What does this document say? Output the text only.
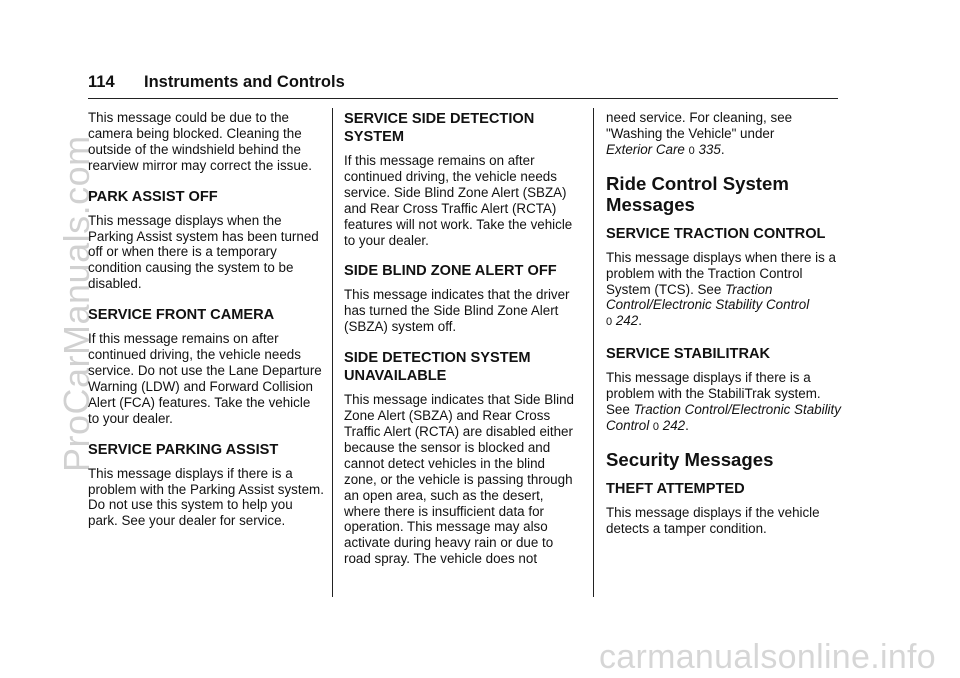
114 Instruments and Controls

This message could be due to the camera being blocked. Cleaning the outside of the windshield behind the rearview mirror may correct the issue.

PARK ASSIST OFF

This message displays when the Parking Assist system has been turned off or when there is a temporary condition causing the system to be disabled.

SERVICE FRONT CAMERA

If this message remains on after continued driving, the vehicle needs service. Do not use the Lane Departure Warning (LDW) and Forward Collision Alert (FCA) features. Take the vehicle to your dealer.

SERVICE PARKING ASSIST

This message displays if there is a problem with the Parking Assist system. Do not use this system to help you park. See your dealer for service.

SERVICE SIDE DETECTION SYSTEM

If this message remains on after continued driving, the vehicle needs service. Side Blind Zone Alert (SBZA) and Rear Cross Traffic Alert (RCTA) features will not work. Take the vehicle to your dealer.

SIDE BLIND ZONE ALERT OFF

This message indicates that the driver has turned the Side Blind Zone Alert (SBZA) system off.

SIDE DETECTION SYSTEM UNAVAILABLE

This message indicates that Side Blind Zone Alert (SBZA) and Rear Cross Traffic Alert (RCTA) are disabled either because the sensor is blocked and cannot detect vehicles in the blind zone, or the vehicle is passing through an open area, such as the desert, where there is insufficient data for operation. This message may also activate during heavy rain or due to road spray. The vehicle does not

need service. For cleaning, see "Washing the Vehicle" under
Exterior Care 0 335.

Ride Control System Messages
SERVICE TRACTION CONTROL

This message displays when there is a problem with the Traction Control System (TCS). See Traction Control/Electronic Stability Control
0 242.

SERVICE STABILITRAK

This message displays if there is a problem with the StabiliTrak system. See Traction Control/Electronic Stability Control 0 242.

Security Messages
THEFT ATTEMPTED

This message displays if the vehicle detects a tamper condition.

ProCarManuals.com
carmanualsonline.info
